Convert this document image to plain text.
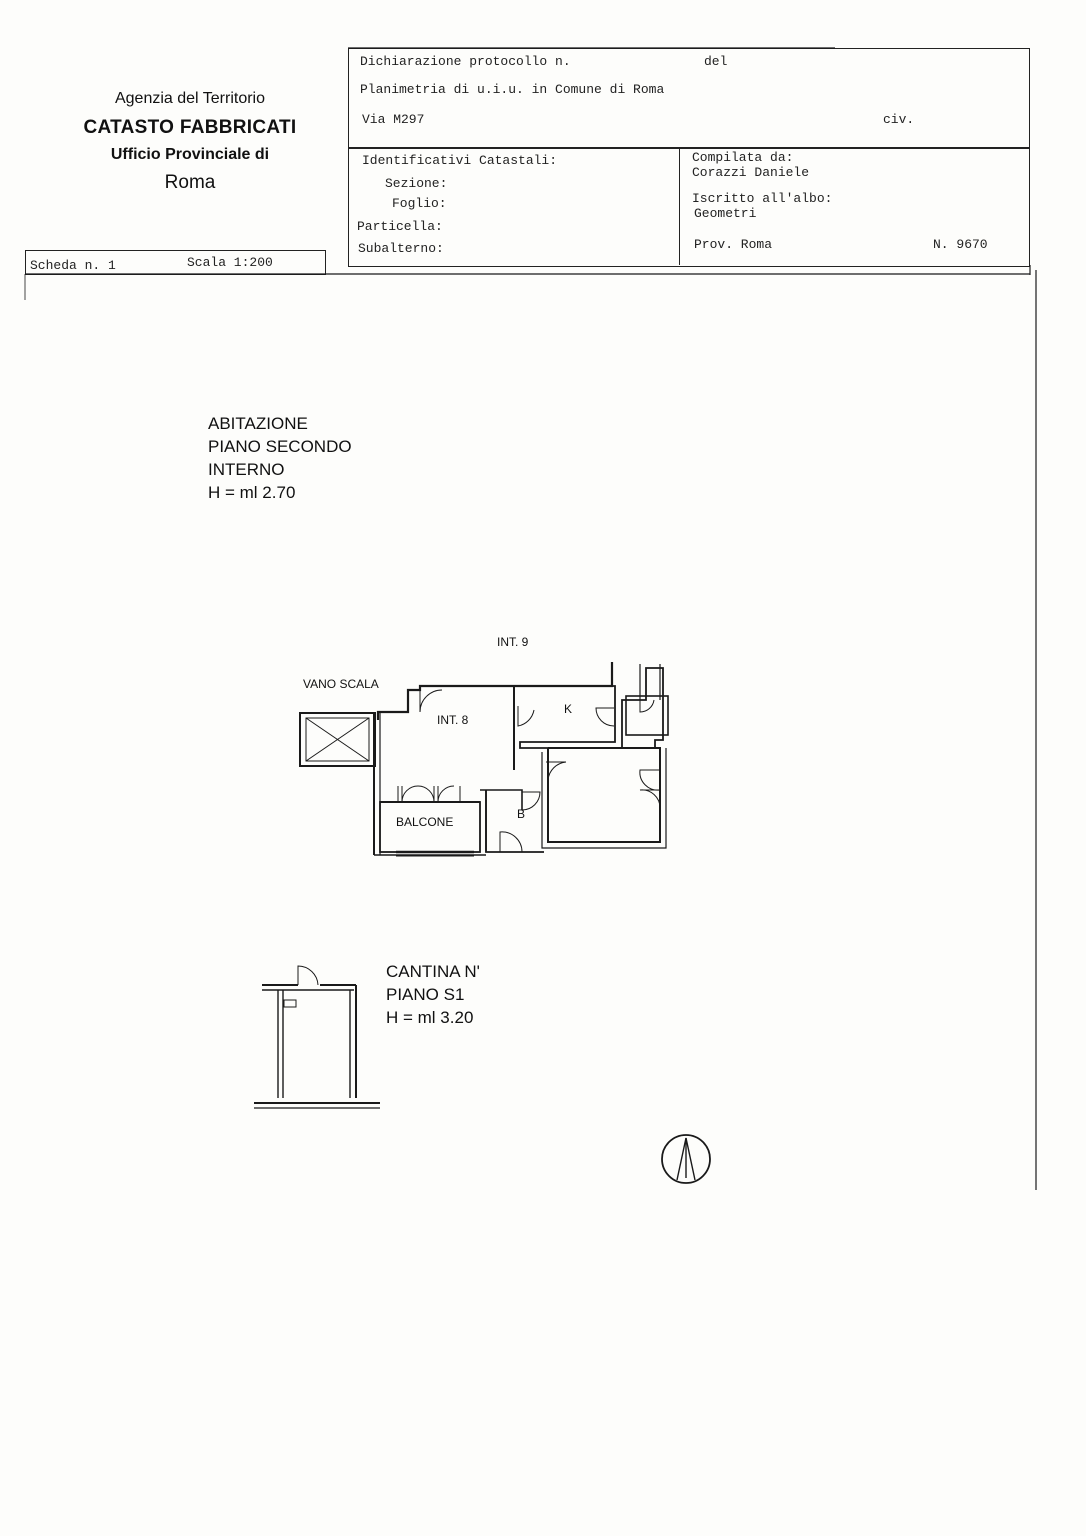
Agenzia del Territorio
CATASTO FABBRICATI
Ufficio Provinciale di
Roma
Dichiarazione protocollo n.	del
Planimetria di u.i.u. in Comune di Roma
Via M297	civ.
Identificativi Catastali:
Sezione:
Foglio:
Particella:
Subalterno:
Compilata da:
Corazzi Daniele
Iscritto all'albo:
Geometri
Prov. Roma	N. 9670
Scheda n. 1	Scala 1:200
ABITAZIONE
PIANO SECONDO
INTERNO
H = ml 2.70
INT. 9
VANO SCALA
INT. 8
K
B
BALCONE
CANTINA N'
PIANO S1
H = ml 3.20
